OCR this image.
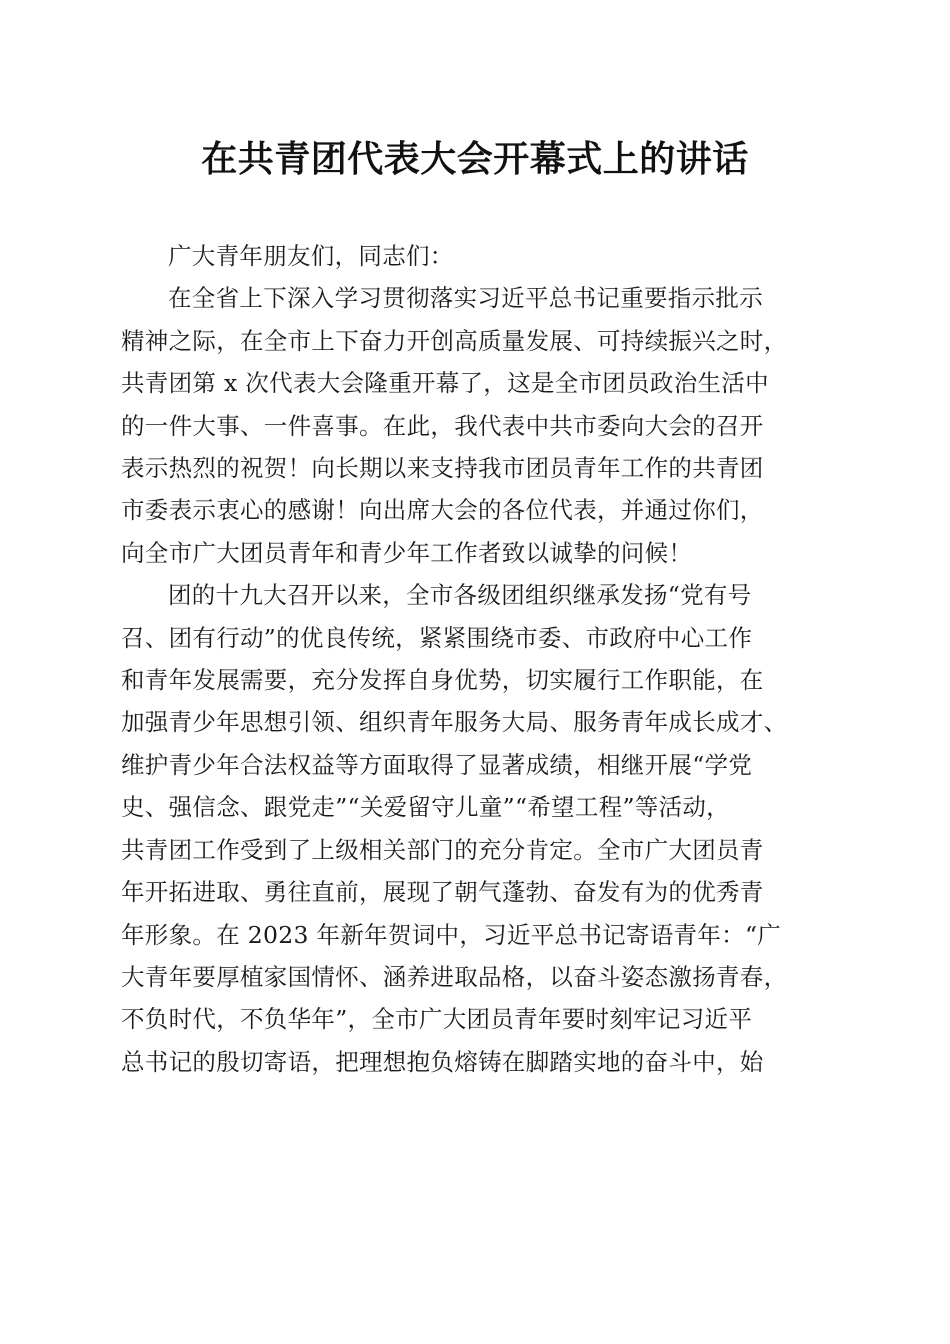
在共青团代表大会开幕式上的讲话
广大青年朋友们，同志们：
在全省上下深入学习贯彻落实习近平总书记重要指示批示
精神之际，在全市上下奋力开创高质量发展、可持续振兴之时，
共青团第 x 次代表大会隆重开幕了，这是全市团员政治生活中
的一件大事、一件喜事。在此，我代表中共市委向大会的召开
表示热烈的祝贺！向长期以来支持我市团员青年工作的共青团
市委表示衷心的感谢！向出席大会的各位代表，并通过你们，
向全市广大团员青年和青少年工作者致以诚挚的问候！
团的十九大召开以来，全市各级团组织继承发扬“党有号
召、团有行动”的优良传统，紧紧围绕市委、市政府中心工作
和青年发展需要，充分发挥自身优势，切实履行工作职能，在
加强青少年思想引领、组织青年服务大局、服务青年成长成才、
维护青少年合法权益等方面取得了显著成绩，相继开展“学党
史、强信念、跟党走”“关爱留守儿童”“希望工程”等活动，
共青团工作受到了上级相关部门的充分肯定。全市广大团员青
年开拓进取、勇往直前，展现了朝气蓬勃、奋发有为的优秀青
年形象。在 2023 年新年贺词中，习近平总书记寄语青年：“广
大青年要厚植家国情怀、涵养进取品格，以奋斗姿态激扬青春，
不负时代，不负华年”，全市广大团员青年要时刻牢记习近平
总书记的殷切寄语，把理想抱负熔铸在脚踏实地的奋斗中，始
